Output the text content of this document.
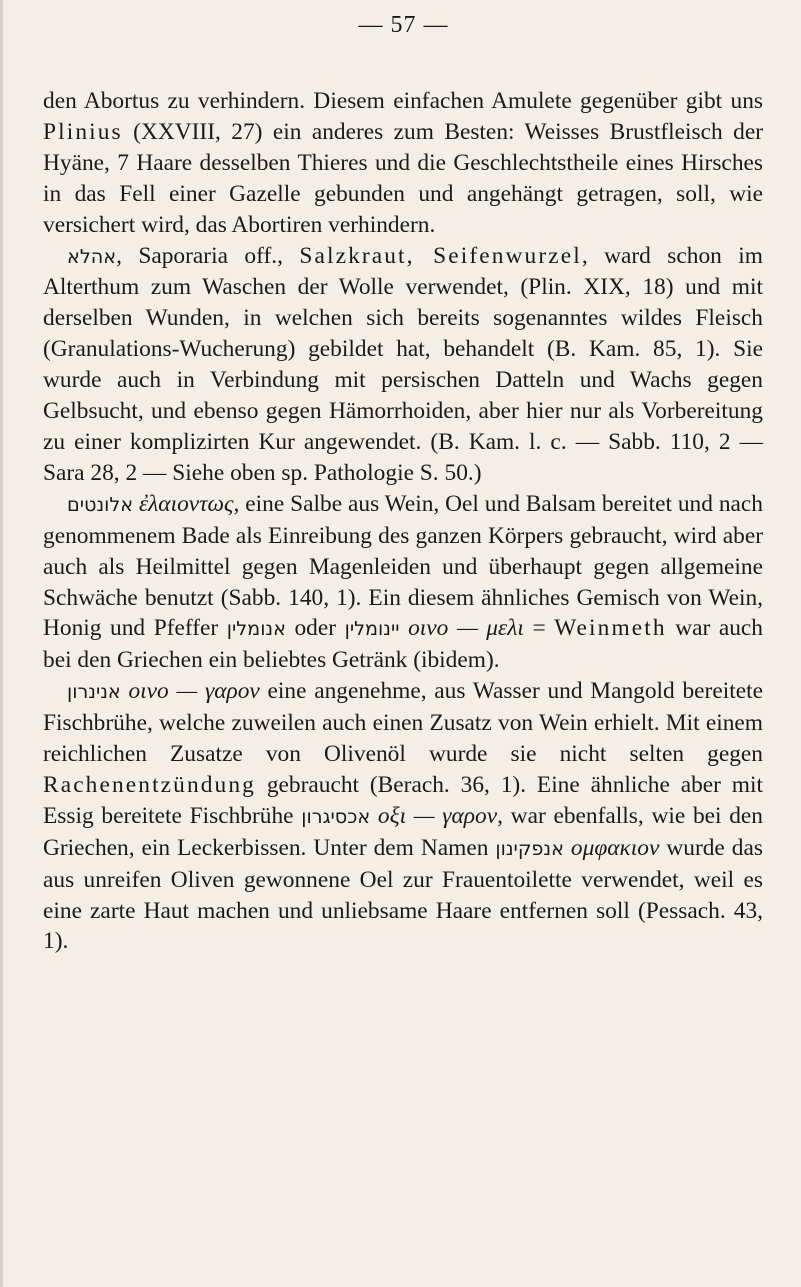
— 57 —

den Abortus zu verhindern. Diesem einfachen Amulete gegenüber gibt uns Plinius (XXVIII, 27) ein anderes zum Besten: Weisses Brustfleisch der Hyäne, 7 Haare desselben Thieres und die Geschlechtstheile eines Hirsches in das Fell einer Gazelle gebunden und angehängt getragen, soll, wie versichert wird, das Abortiren verhindern.

אהלא, Saporaria off., Salzkraut, Seifenwurzel, ward schon im Alterthum zum Waschen der Wolle verwendet, (Plin. XIX, 18) und mit derselben Wunden, in welchen sich bereits sogenanntes wildes Fleisch (Granulations-Wucherung) gebildet hat, behandelt (B. Kam. 85, 1). Sie wurde auch in Verbindung mit persischen Datteln und Wachs gegen Gelbsucht, und ebenso gegen Hämorrhoiden, aber hier nur als Vorbereitung zu einer komplizirten Kur angewendet. (B. Kam. l. c. — Sabb. 110, 2 — Sara 28, 2 — Siehe oben sp. Pathologie S. 50.)

אלונטים ἐλαιοντως, eine Salbe aus Wein, Oel und Balsam bereitet und nach genommenem Bade als Einreibung des ganzen Körpers gebraucht, wird aber auch als Heilmittel gegen Magenleiden und überhaupt gegen allgemeine Schwäche benutzt (Sabb. 140, 1). Ein diesem ähnliches Gemisch von Wein, Honig und Pfeffer אנומלין oder יינומלין οινο — μελι = Weinmeth war auch bei den Griechen ein beliebtes Getränk (ibidem).

אנינרון οινο — γαρον eine angenehme, aus Wasser und Mangold bereitete Fischbrühe, welche zuweilen auch einen Zusatz von Wein erhielt. Mit einem reichlichen Zusatze von Olivenöl wurde sie nicht selten gegen Rachenentzündung gebraucht (Berach. 36, 1). Eine ähnliche aber mit Essig bereitete Fischbrühe אכסיגרון οξι — γαρον, war ebenfalls, wie bei den Griechen, ein Leckerbissen. Unter dem Namen אנפקינון ομφακιον wurde das aus unreifen Oliven gewonnene Oel zur Frauentoilette verwendet, weil es eine zarte Haut machen und unliebsame Haare entfernen soll (Pessach. 43, 1).
